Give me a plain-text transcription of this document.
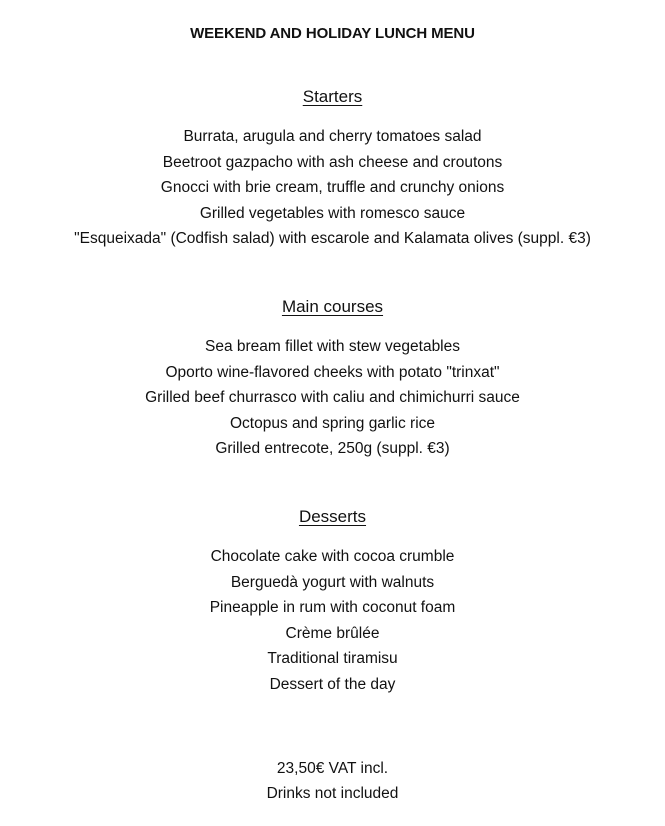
WEEKEND AND HOLIDAY LUNCH MENU
Starters
Burrata, arugula and cherry tomatoes salad
Beetroot gazpacho with ash cheese and croutons
Gnocci with brie cream, truffle and crunchy onions
Grilled vegetables with romesco sauce
"Esqueixada" (Codfish salad) with escarole and Kalamata olives (suppl. €3)
Main courses
Sea bream fillet with stew vegetables
Oporto wine-flavored cheeks with potato "trinxat"
Grilled beef churrasco with caliu and chimichurri sauce
Octopus and spring garlic rice
Grilled entrecote, 250g (suppl. €3)
Desserts
Chocolate cake with cocoa crumble
Berguedà yogurt with walnuts
Pineapple in rum with coconut foam
Crème brûlée
Traditional tiramisu
Dessert of the day
23,50€ VAT incl.
Drinks not included
